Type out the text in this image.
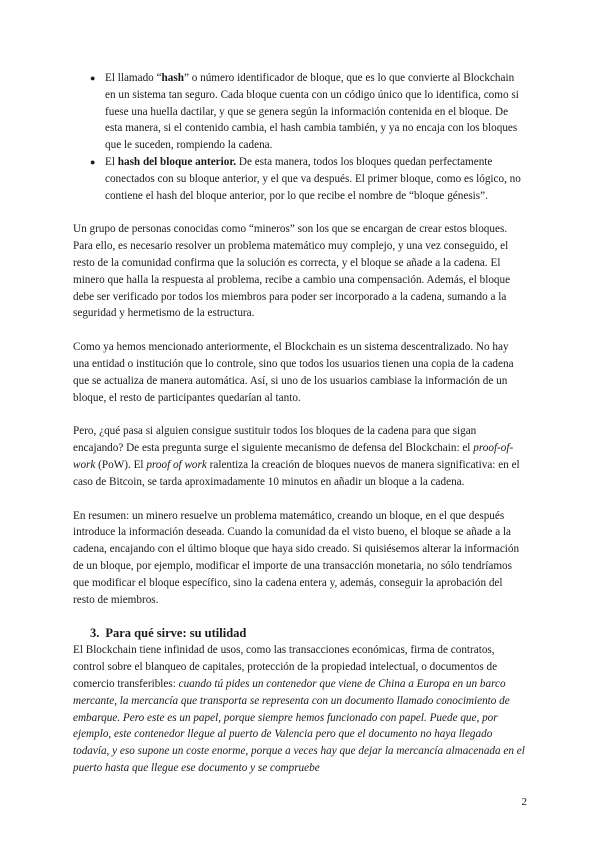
● El llamado “hash” o número identificador de bloque, que es lo que convierte al Blockchain en un sistema tan seguro. Cada bloque cuenta con un código único que lo identifica, como si fuese una huella dactilar, y que se genera según la información contenida en el bloque. De esta manera, si el contenido cambia, el hash cambia también, y ya no encaja con los bloques que le suceden, rompiendo la cadena.
● El hash del bloque anterior. De esta manera, todos los bloques quedan perfectamente conectados con su bloque anterior, y el que va después. El primer bloque, como es lógico, no contiene el hash del bloque anterior, por lo que recibe el nombre de “bloque génesis”.

Un grupo de personas conocidas como “mineros” son los que se encargan de crear estos bloques. Para ello, es necesario resolver un problema matemático muy complejo, y una vez conseguido, el resto de la comunidad confirma que la solución es correcta, y el bloque se añade a la cadena. El minero que halla la respuesta al problema, recibe a cambio una compensación. Además, el bloque debe ser verificado por todos los miembros para poder ser incorporado a la cadena, sumando a la seguridad y hermetismo de la estructura.

Como ya hemos mencionado anteriormente, el Blockchain es un sistema descentralizado. No hay una entidad o institución que lo controle, sino que todos los usuarios tienen una copia de la cadena que se actualiza de manera automática. Así, si uno de los usuarios cambiase la información de un bloque, el resto de participantes quedarían al tanto.

Pero, ¿qué pasa si alguien consigue sustituir todos los bloques de la cadena para que sigan encajando? De esta pregunta surge el siguiente mecanismo de defensa del Blockchain: el proof-of-work (PoW). El proof of work ralentiza la creación de bloques nuevos de manera significativa: en el caso de Bitcoin, se tarda aproximadamente 10 minutos en añadir un bloque a la cadena.

En resumen: un minero resuelve un problema matemático, creando un bloque, en el que después introduce la información deseada. Cuando la comunidad da el visto bueno, el bloque se añade a la cadena, encajando con el último bloque que haya sido creado. Si quisiésemos alterar la información de un bloque, por ejemplo, modificar el importe de una transacción monetaria, no sólo tendríamos que modificar el bloque específico, sino la cadena entera y, además, conseguir la aprobación del resto de miembros.

3. Para qué sirve: su utilidad

El Blockchain tiene infinidad de usos, como las transacciones económicas, firma de contratos, control sobre el blanqueo de capitales, protección de la propiedad intelectual, o documentos de comercio transferibles: cuando tú pides un contenedor que viene de China a Europa en un barco mercante, la mercancía que transporta se representa con un documento llamado conocimiento de embarque. Pero este es un papel, porque siempre hemos funcionado con papel. Puede que, por ejemplo, este contenedor llegue al puerto de Valencia pero que el documento no haya llegado todavía, y eso supone un coste enorme, porque a veces hay que dejar la mercancía almacenada en el puerto hasta que llegue ese documento y se compruebe

2
